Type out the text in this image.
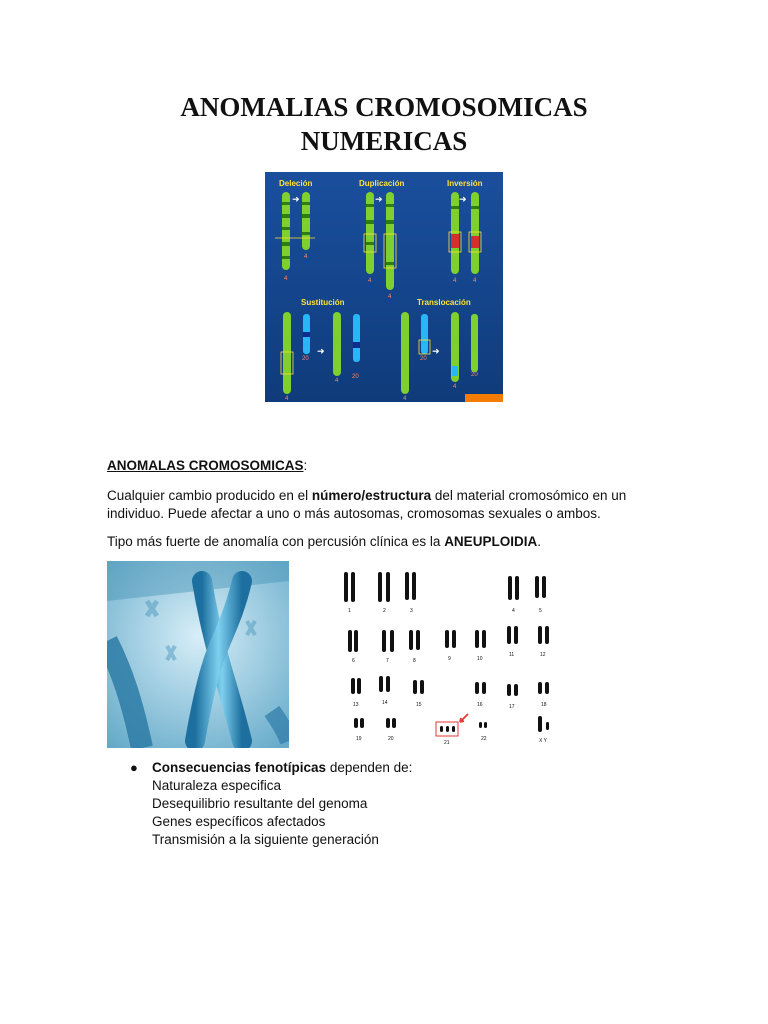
ANOMALIAS CROMOSOMICAS
NUMERICAS
Deleción	Duplicación	Inversión
Sustitución	Translocación
➜	➜	➜
4
4
4
4
4	4
➜	➜
4
20
4
20
4
20
4
20
ANOMALAS CROMOSOMICAS:

Cualquier cambio producido en el número/estructura del material cromosómico en un
individuo. Puede afectar a uno o más autosomas, cromosomas sexuales o ambos.

Tipo más fuerte de anomalía con percusión clínica es la ANEUPLOIDIA.

1	2	3	4	5
6	7	8	9	10
11	12
13	14	15	16	17	18
19	20
21
22	X Y
● Consecuencias fenotípicas dependen de:
Naturaleza especifica
Desequilibrio resultante del genoma
Genes específicos afectados
Transmisión a la siguiente generación
